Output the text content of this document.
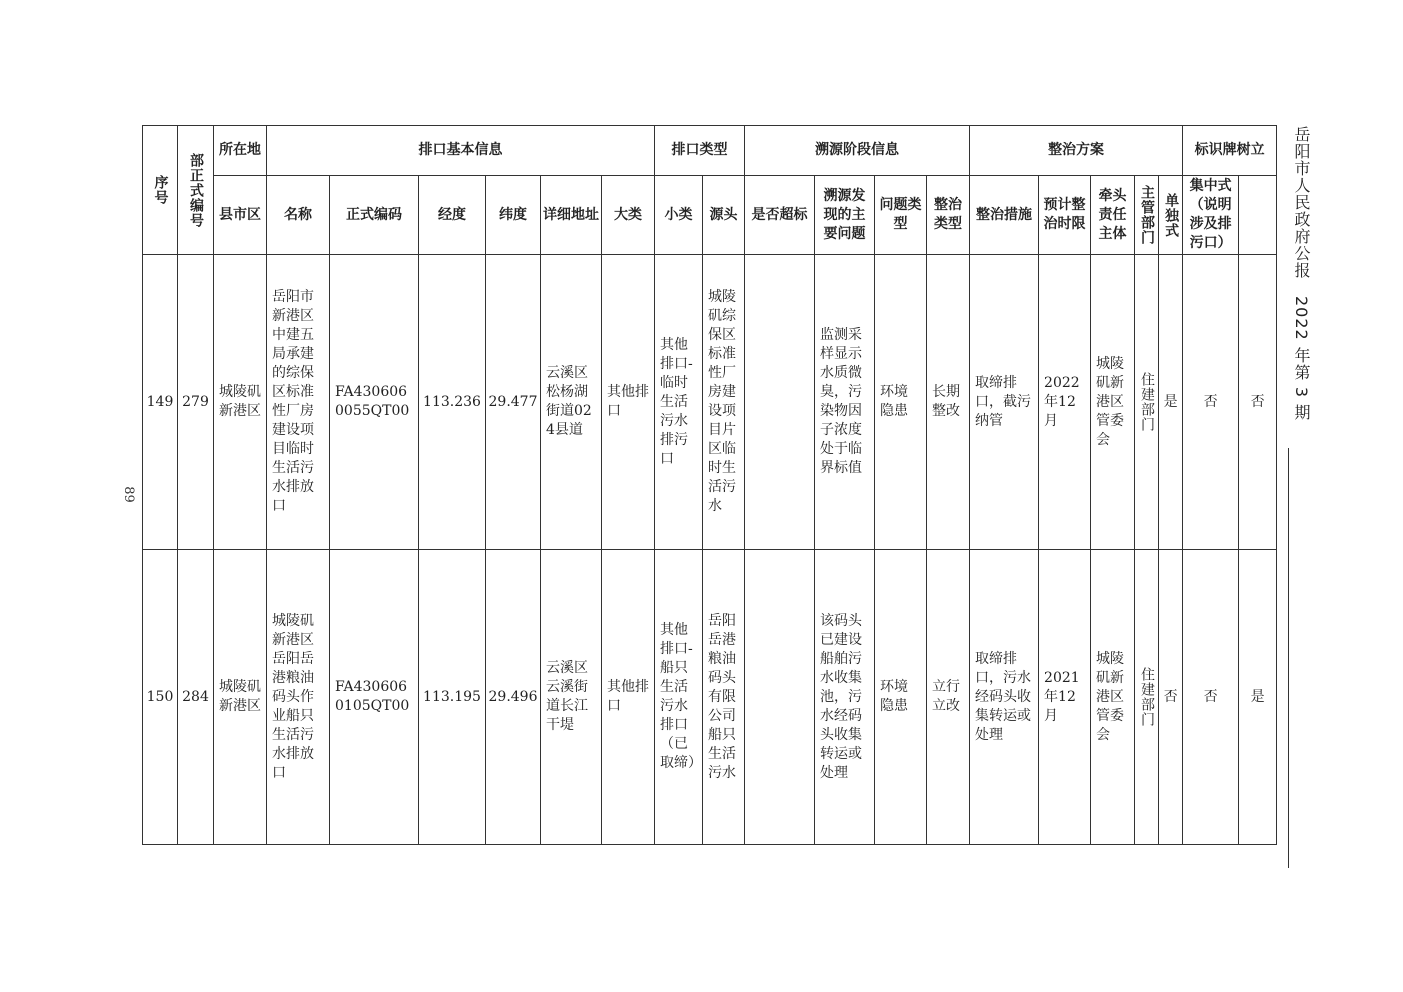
序号	部正式编号	所在地	排口基本信息						排口类型		溯源阶段信息				整治方案					标识牌树立	

		县市区	名称	正式编码	经度	纬度	详细地址	大类	小类	源头	是否超标	溯源发现的主要问题	问题类型	整治类型	整治措施	预计整治时限	牵头责任主体	主管部门	单独式	集中式（说明涉及排污口）		
149	279	城陵矶新港区	岳阳市新港区中建五局承建的综保区标准性厂房建设项目临时生活污水排放口	FA4306060055QT00	113.236	29.477	云溪区松杨湖街道024县道	其他排口	其他排口-临时生活污水排污口	城陵矶综保区标准性厂房建设项目片区临时生活污水		监测采样显示水质微臭，污染物因子浓度处于临界标值	环境隐患	长期整改	取缔排口，截污纳管	2022年12月	城陵矶新港区管委会	住建部门	是	否	否	
150	284	城陵矶新港区	城陵矶新港区岳阳岳港粮油码头作业船只生活污水排放口	FA4306060105QT00	113.195	29.496	云溪区云溪街道长江干堤	其他排口	其他排口-船只生活污水排口（已取缔）	岳阳岳港粮油码头有限公司船只生活污水		该码头已建设船舶污水收集池，污水经码头收集转运或处理	环境隐患	立行立改	取缔排口，污水经码头收集转运或处理	2021年12月	城陵矶新港区管委会	住建部门	否	否	是	
岳阳市人民政府公报　2022 年第 3 期
89
